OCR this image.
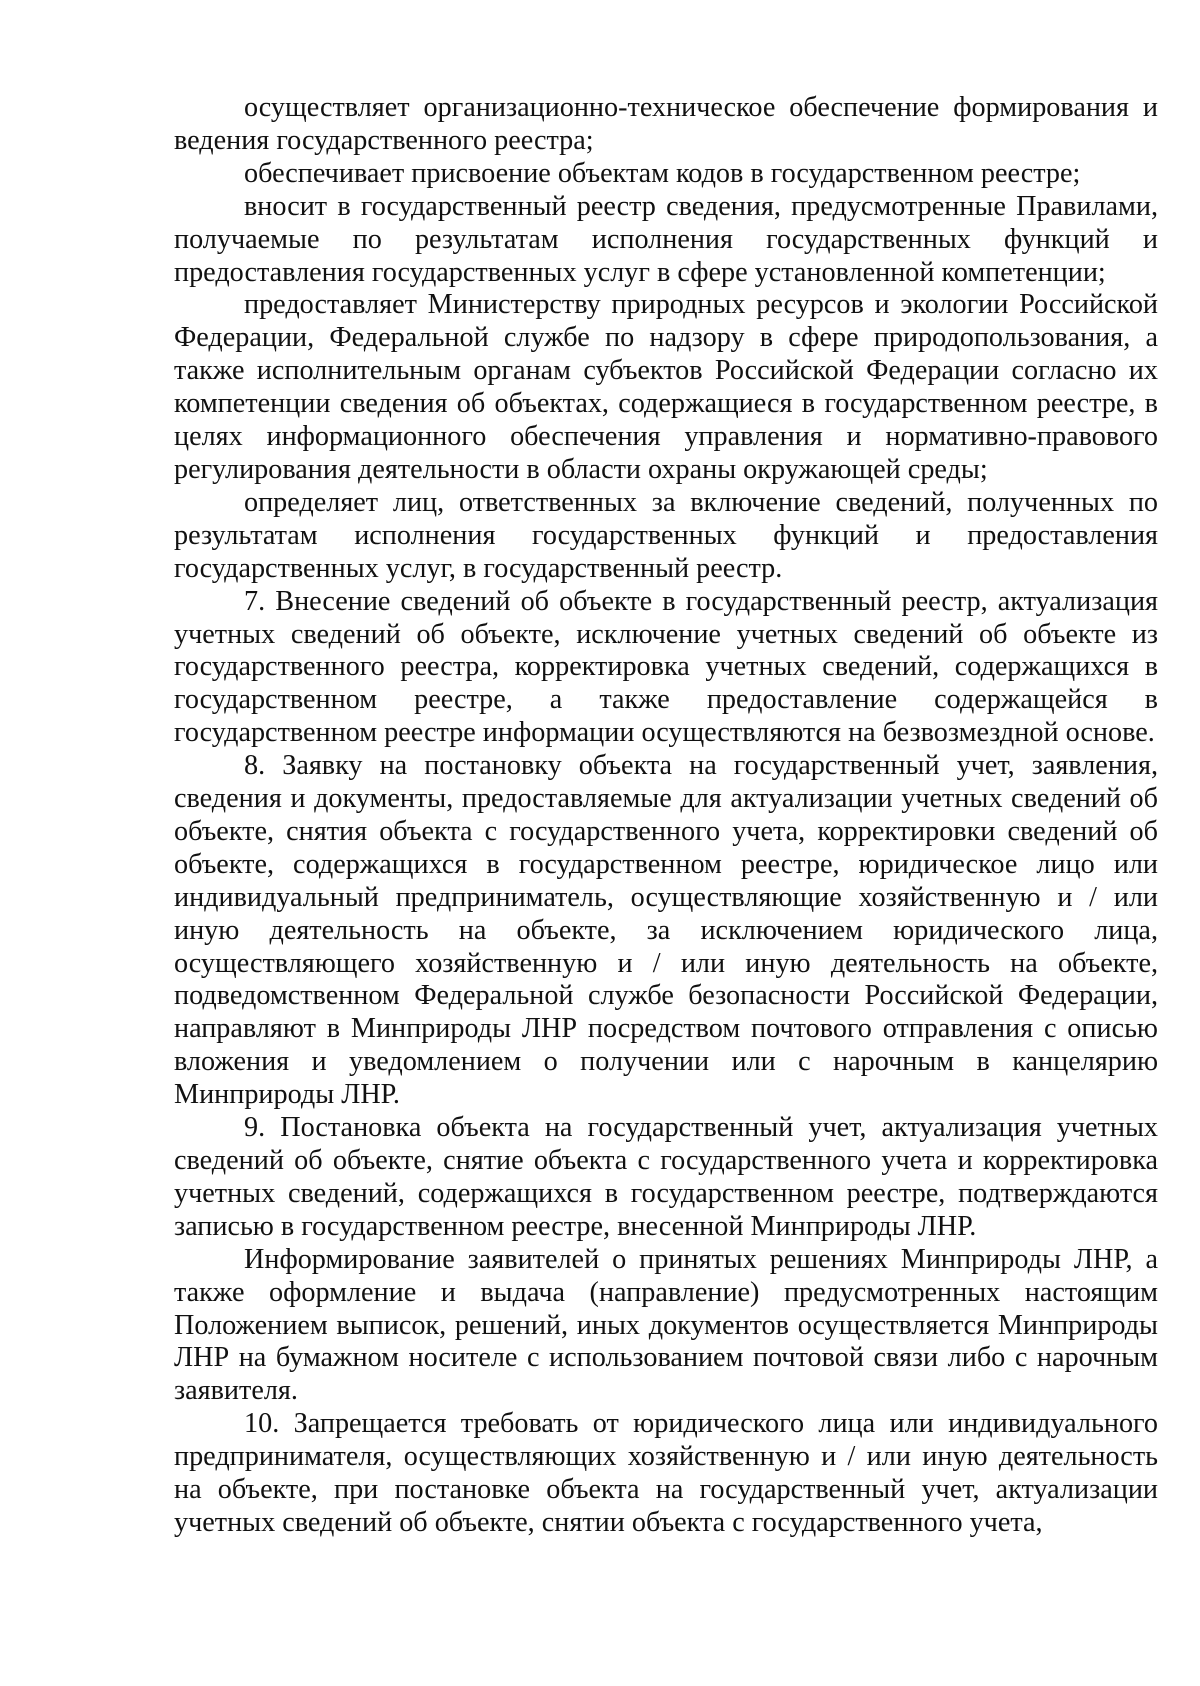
осуществляет организационно-техническое обеспечение формирования и ведения государственного реестра;

обеспечивает присвоение объектам кодов в государственном реестре;

вносит в государственный реестр сведения, предусмотренные Правилами, получаемые по результатам исполнения государственных функций и предоставления государственных услуг в сфере установленной компетенции;

предоставляет Министерству природных ресурсов и экологии Российской Федерации, Федеральной службе по надзору в сфере природопользования, а также исполнительным органам субъектов Российской Федерации согласно их компетенции сведения об объектах, содержащиеся в государственном реестре, в целях информационного обеспечения управления и нормативно-правового регулирования деятельности в области охраны окружающей среды;

определяет лиц, ответственных за включение сведений, полученных по результатам исполнения государственных функций и предоставления государственных услуг, в государственный реестр.

7. Внесение сведений об объекте в государственный реестр, актуализация учетных сведений об объекте, исключение учетных сведений об объекте из государственного реестра, корректировка учетных сведений, содержащихся в государственном реестре, а также предоставление содержащейся в государственном реестре информации осуществляются на безвозмездной основе.

8. Заявку на постановку объекта на государственный учет, заявления, сведения и документы, предоставляемые для актуализации учетных сведений об объекте, снятия объекта с государственного учета, корректировки сведений об объекте, содержащихся в государственном реестре, юридическое лицо или индивидуальный предприниматель, осуществляющие хозяйственную и / или иную деятельность на объекте, за исключением юридического лица, осуществляющего хозяйственную и / или иную деятельность на объекте, подведомственном Федеральной службе безопасности Российской Федерации, направляют в Минприроды ЛНР посредством почтового отправления с описью вложения и уведомлением о получении или с нарочным в канцелярию Минприроды ЛНР.

9. Постановка объекта на государственный учет, актуализация учетных сведений об объекте, снятие объекта с государственного учета и корректировка учетных сведений, содержащихся в государственном реестре, подтверждаются записью в государственном реестре, внесенной Минприроды ЛНР.

Информирование заявителей о принятых решениях Минприроды ЛНР, а также оформление и выдача (направление) предусмотренных настоящим Положением выписок, решений, иных документов осуществляется Минприроды ЛНР на бумажном носителе с использованием почтовой связи либо с нарочным заявителя.

10. Запрещается требовать от юридического лица или индивидуального предпринимателя, осуществляющих хозяйственную и / или иную деятельность на объекте, при постановке объекта на государственный учет, актуализации учетных сведений об объекте, снятии объекта с государственного учета,
